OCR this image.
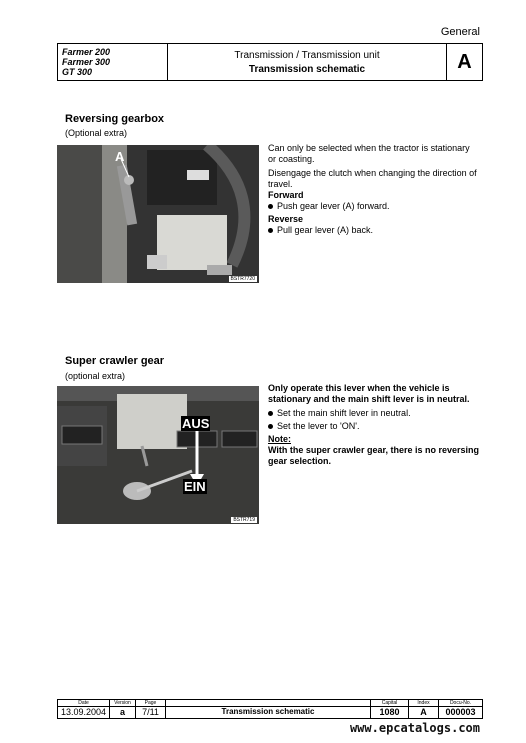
General
Farmer 200
Farmer 300
GT 300
Transmission / Transmission unit
Transmission schematic	A
Reversing gearbox
(Optional extra)
A
BSTR7720

Can only be selected when the tractor is stationary or coasting.

Disengage the clutch when changing the direction of travel.

Forward
Push gear lever (A) forward.
Reverse
Pull gear lever (A) back.
Super crawler gear
(optional extra)
AUS
EIN
BSTR719

Only operate this lever when the vehicle is stationary and the main shift lever is in neutral.

Set the main shift lever in neutral.
Set the lever to 'ON'.
Note:
With the super crawler gear, there is no reversing gear selection.
Date
13.09.2004
Version
a
Page
7/11	Transmission schematic
Capital
1080
Index
A
Docu-No.
000003
www.epcatalogs.com
